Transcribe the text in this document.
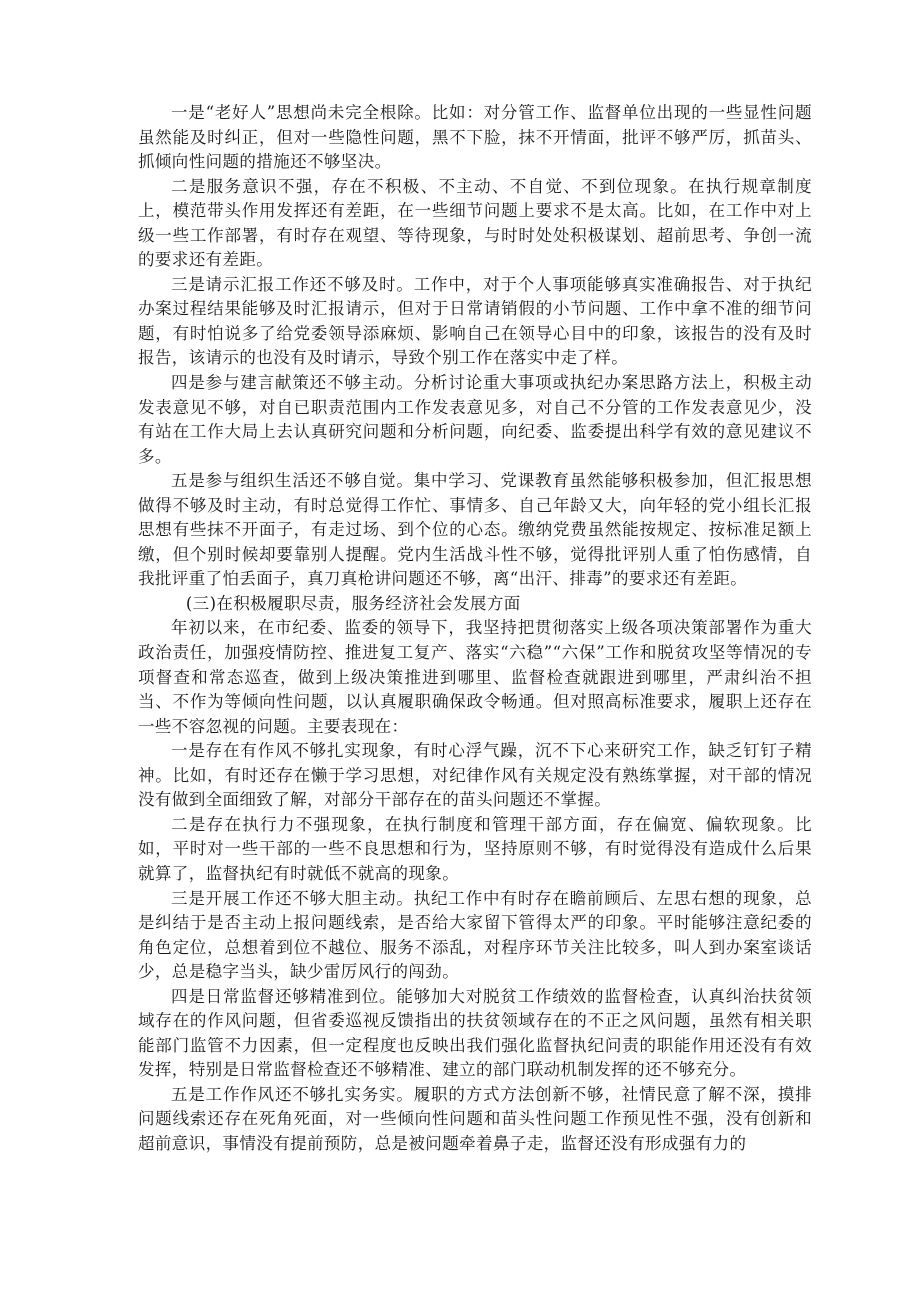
一是“老好人”思想尚未完全根除。比如：对分管工作、监督单位出现的一些显性问题虽然能及时纠正，但对一些隐性问题，黑不下脸，抹不开情面，批评不够严厉，抓苗头、抓倾向性问题的措施还不够坚决。

二是服务意识不强，存在不积极、不主动、不自觉、不到位现象。在执行规章制度上，模范带头作用发挥还有差距，在一些细节问题上要求不是太高。比如，在工作中对上级一些工作部署，有时存在观望、等待现象，与时时处处积极谋划、超前思考、争创一流的要求还有差距。

三是请示汇报工作还不够及时。工作中，对于个人事项能够真实准确报告、对于执纪办案过程结果能够及时汇报请示，但对于日常请销假的小节问题、工作中拿不准的细节问题，有时怕说多了给党委领导添麻烦、影响自己在领导心目中的印象，该报告的没有及时报告，该请示的也没有及时请示，导致个别工作在落实中走了样。

四是参与建言献策还不够主动。分析讨论重大事项或执纪办案思路方法上，积极主动发表意见不够，对自已职责范围内工作发表意见多，对自己不分管的工作发表意见少，没有站在工作大局上去认真研究问题和分析问题，向纪委、监委提出科学有效的意见建议不多。

五是参与组织生活还不够自觉。集中学习、党课教育虽然能够积极参加，但汇报思想做得不够及时主动，有时总觉得工作忙、事情多、自己年龄又大，向年轻的党小组长汇报思想有些抹不开面子，有走过场、到个位的心态。缴纳党费虽然能按规定、按标准足额上缴，但个别时候却要靠别人提醒。党内生活战斗性不够，觉得批评别人重了怕伤感情，自我批评重了怕丢面子，真刀真枪讲问题还不够，离“出汗、排毒”的要求还有差距。

(三)在积极履职尽责，服务经济社会发展方面

年初以来，在市纪委、监委的领导下，我坚持把贯彻落实上级各项决策部署作为重大政治责任，加强疫情防控、推进复工复产、落实“六稳”“六保”工作和脱贫攻坚等情况的专项督查和常态巡查，做到上级决策推进到哪里、监督检查就跟进到哪里，严肃纠治不担当、不作为等倾向性问题，以认真履职确保政令畅通。但对照高标准要求，履职上还存在一些不容忽视的问题。主要表现在：

一是存在有作风不够扎实现象，有时心浮气躁，沉不下心来研究工作，缺乏钉钉子精神。比如，有时还存在懒于学习思想，对纪律作风有关规定没有熟练掌握，对干部的情况没有做到全面细致了解，对部分干部存在的苗头问题还不掌握。

二是存在执行力不强现象，在执行制度和管理干部方面，存在偏宽、偏软现象。比如，平时对一些干部的一些不良思想和行为，坚持原则不够，有时觉得没有造成什么后果就算了，监督执纪有时就低不就高的现象。

三是开展工作还不够大胆主动。执纪工作中有时存在瞻前顾后、左思右想的现象，总是纠结于是否主动上报问题线索，是否给大家留下管得太严的印象。平时能够注意纪委的角色定位，总想着到位不越位、服务不添乱，对程序环节关注比较多，叫人到办案室谈话少，总是稳字当头，缺少雷厉风行的闯劲。

四是日常监督还够精准到位。能够加大对脱贫工作绩效的监督检查，认真纠治扶贫领域存在的作风问题，但省委巡视反馈指出的扶贫领域存在的不正之风问题，虽然有相关职能部门监管不力因素，但一定程度也反映出我们强化监督执纪问责的职能作用还没有有效发挥，特别是日常监督检查还不够精准、建立的部门联动机制发挥的还不够充分。

五是工作作风还不够扎实务实。履职的方式方法创新不够，社情民意了解不深，摸排问题线索还存在死角死面，对一些倾向性问题和苗头性问题工作预见性不强，没有创新和超前意识，事情没有提前预防，总是被问题牵着鼻子走，监督还没有形成强有力的
